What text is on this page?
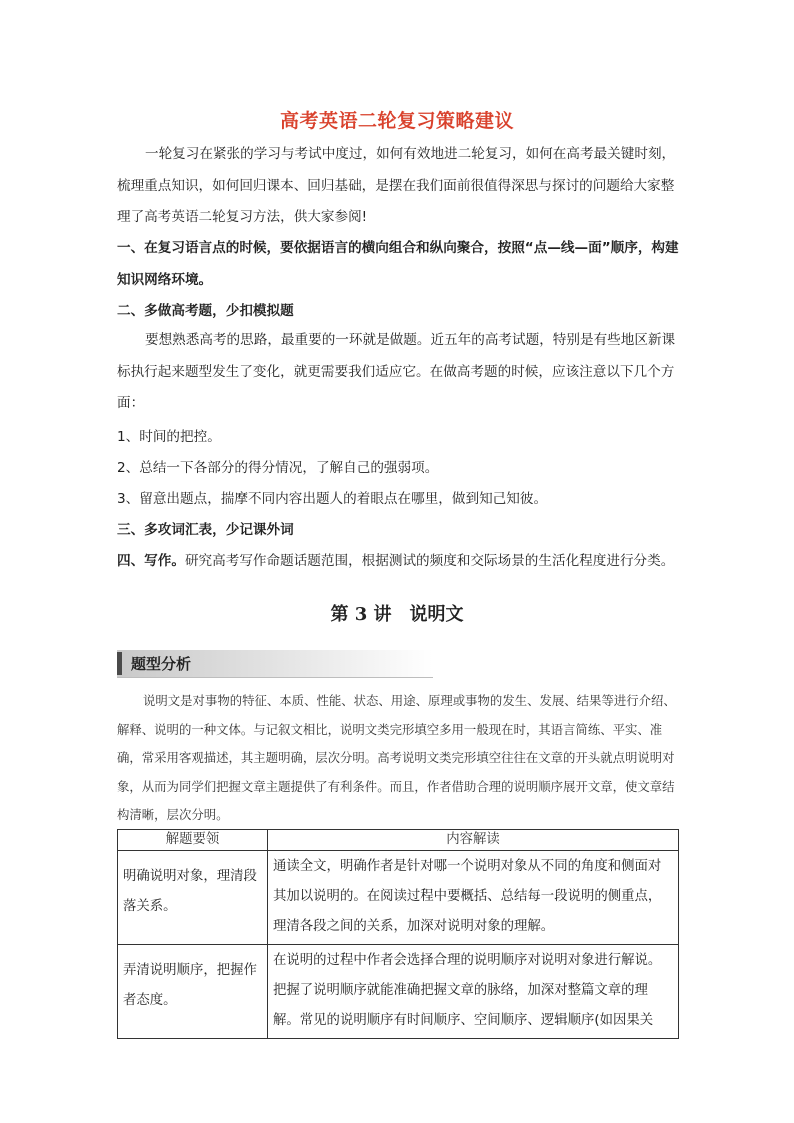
高考英语二轮复习策略建议
一轮复习在紧张的学习与考试中度过，如何有效地进二轮复习，如何在高考最关键时刻，梳理重点知识，如何回归课本、回归基础，是摆在我们面前很值得深思与探讨的问题给大家整理了高考英语二轮复习方法，供大家参阅!
一、在复习语言点的时候，要依据语言的横向组合和纵向聚合，按照“点—线—面”顺序，构建知识网络环境。
二、多做高考题，少扣模拟题
要想熟悉高考的思路，最重要的一环就是做题。近五年的高考试题，特别是有些地区新课标执行起来题型发生了变化，就更需要我们适应它。在做高考题的时候，应该注意以下几个方面：
1、时间的把控。
2、总结一下各部分的得分情况，了解自己的强弱项。
3、留意出题点，揣摩不同内容出题人的着眼点在哪里，做到知己知彼。
三、多攻词汇表，少记课外词
四、写作。研究高考写作命题话题范围，根据测试的频度和交际场景的生活化程度进行分类。
第 3 讲　说明文
题型分析
说明文是对事物的特征、本质、性能、状态、用途、原理或事物的发生、发展、结果等进行介绍、解释、说明的一种文体。与记叙文相比，说明文类完形填空多用一般现在时，其语言简练、平实、准确，常采用客观描述，其主题明确，层次分明。高考说明文类完形填空往往在文章的开头就点明说明对象，从而为同学们把握文章主题提供了有利条件。而且，作者借助合理的说明顺序展开文章，使文章结构清晰，层次分明。
解题要领	内容解读
明确说明对象，理清段落关系。	通读全文，明确作者是针对哪一个说明对象从不同的角度和侧面对其加以说明的。在阅读过程中要概括、总结每一段说明的侧重点，理清各段之间的关系，加深对说明对象的理解。
弄清说明顺序，把握作者态度。	在说明的过程中作者会选择合理的说明顺序对说明对象进行解说。把握了说明顺序就能准确把握文章的脉络，加深对整篇文章的理解。常见的说明顺序有时间顺序、空间顺序、逻辑顺序(如因果关
